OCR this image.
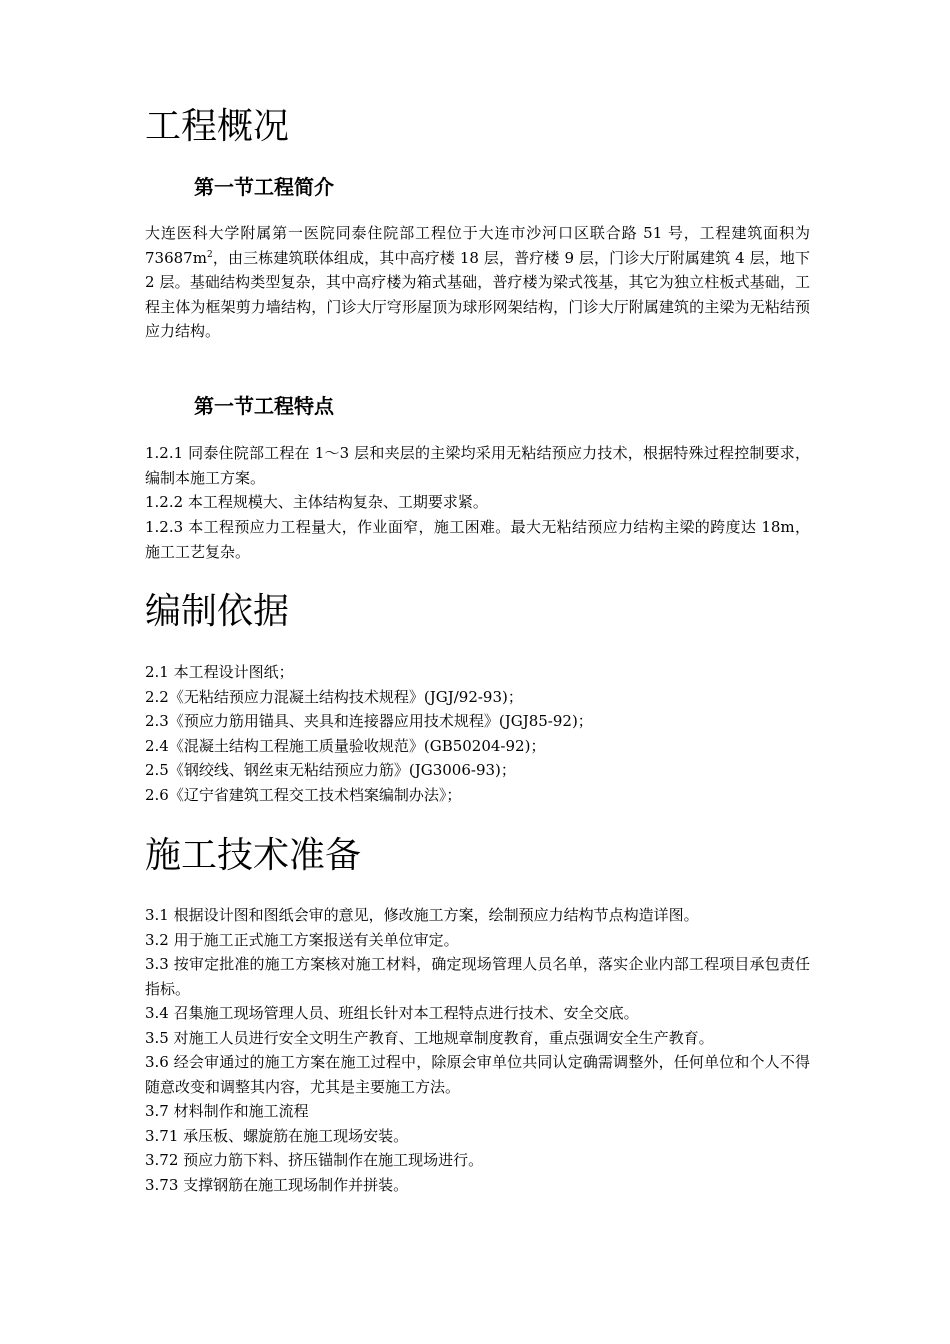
工程概况
第一节工程简介

大连医科大学附属第一医院同泰住院部工程位于大连市沙河口区联合路 51 号，工程建筑面积为 $73687m^2$，由三栋建筑联体组成，其中高疗楼 18 层，普疗楼 9 层，门诊大厅附属建筑 4 层，地下 2 层。基础结构类型复杂，其中高疗楼为箱式基础，普疗楼为梁式筏基，其它为独立柱板式基础，工程主体为框架剪力墙结构，门诊大厅穹形屋顶为球形网架结构，门诊大厅附属建筑的主梁为无粘结预应力结构。

第一节工程特点

1.2.1 同泰住院部工程在 1～3 层和夹层的主梁均采用无粘结预应力技术，根据特殊过程控制要求，编制本施工方案。

1.2.2 本工程规模大、主体结构复杂、工期要求紧。

1.2.3 本工程预应力工程量大，作业面窄，施工困难。最大无粘结预应力结构主梁的跨度达 18m，施工工艺复杂。

编制依据

2.1 本工程设计图纸；

2.2《无粘结预应力混凝土结构技术规程》(JGJ/92-93)；

2.3《预应力筋用锚具、夹具和连接器应用技术规程》(JGJ85-92)；

2.4《混凝土结构工程施工质量验收规范》(GB50204-92)；

2.5《钢绞线、钢丝束无粘结预应力筋》(JG3006-93)；

2.6《辽宁省建筑工程交工技术档案编制办法》；

施工技术准备

3.1 根据设计图和图纸会审的意见，修改施工方案，绘制预应力结构节点构造详图。

3.2 用于施工正式施工方案报送有关单位审定。

3.3 按审定批准的施工方案核对施工材料，确定现场管理人员名单，落实企业内部工程项目承包责任指标。

3.4 召集施工现场管理人员、班组长针对本工程特点进行技术、安全交底。

3.5 对施工人员进行安全文明生产教育、工地规章制度教育，重点强调安全生产教育。

3.6 经会审通过的施工方案在施工过程中，除原会审单位共同认定确需调整外，任何单位和个人不得随意改变和调整其内容，尤其是主要施工方法。

3.7 材料制作和施工流程

3.71 承压板、螺旋筋在施工现场安装。

3.72 预应力筋下料、挤压锚制作在施工现场进行。

3.73 支撑钢筋在施工现场制作并拼装。
